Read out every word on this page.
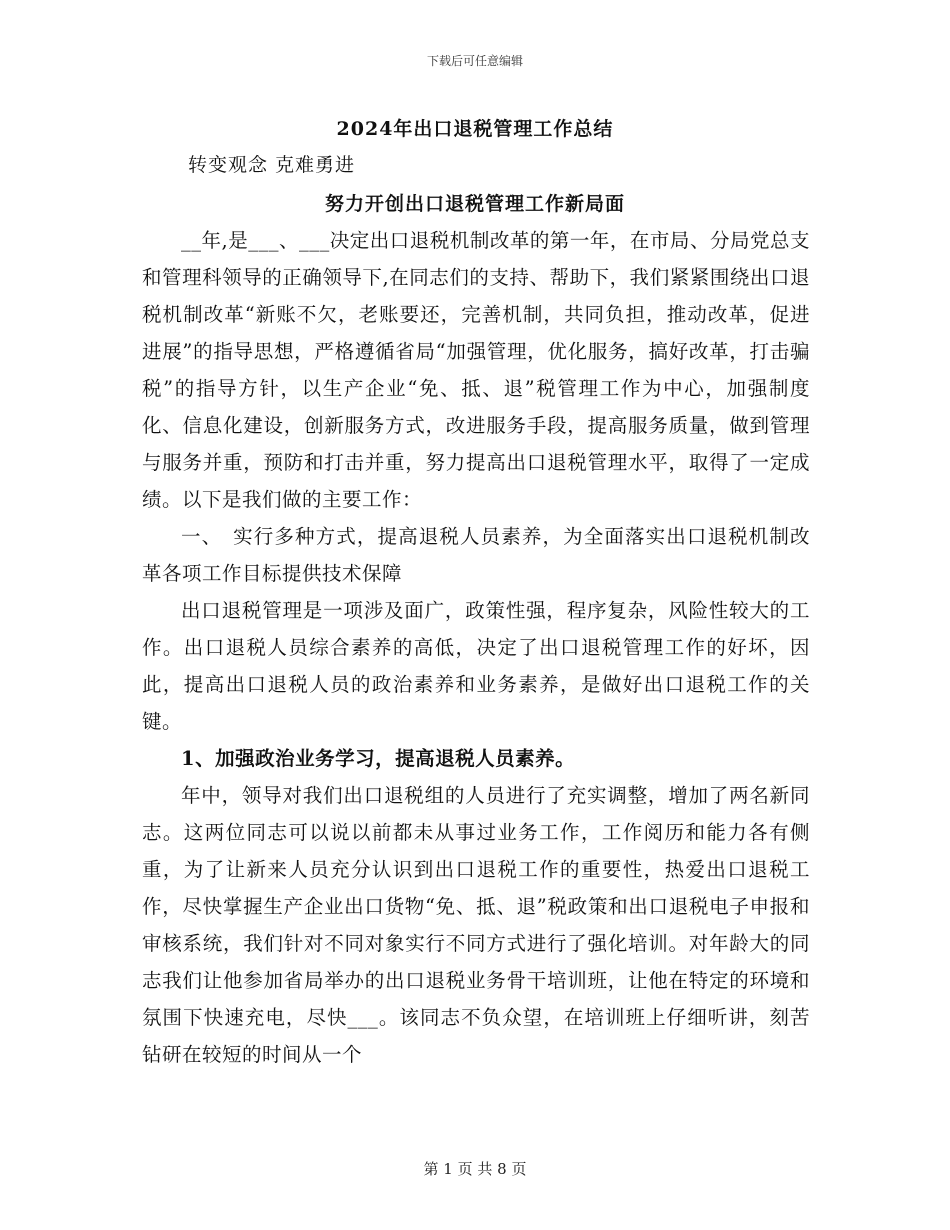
下载后可任意编辑
2024年出口退税管理工作总结
转变观念 克难勇进
努力开创出口退税管理工作新局面

__年,是___、___决定出口退税机制改革的第一年，在市局、分局党总支和管理科领导的正确领导下,在同志们的支持、帮助下，我们紧紧围绕出口退税机制改革“新账不欠，老账要还，完善机制，共同负担，推动改革，促进进展”的指导思想，严格遵循省局“加强管理，优化服务，搞好改革，打击骗税”的指导方针，以生产企业“免、抵、退”税管理工作为中心，加强制度化、信息化建设，创新服务方式，改进服务手段，提高服务质量，做到管理与服务并重，预防和打击并重，努力提高出口退税管理水平，取得了一定成绩。以下是我们做的主要工作：

一、　实行多种方式，提高退税人员素养，为全面落实出口退税机制改革各项工作目标提供技术保障

出口退税管理是一项涉及面广，政策性强，程序复杂，风险性较大的工作。出口退税人员综合素养的高低，决定了出口退税管理工作的好坏，因此，提高出口退税人员的政治素养和业务素养，是做好出口退税工作的关键。

1、加强政治业务学习，提高退税人员素养。

年中，领导对我们出口退税组的人员进行了充实调整，增加了两名新同志。这两位同志可以说以前都未从事过业务工作，工作阅历和能力各有侧重，为了让新来人员充分认识到出口退税工作的重要性，热爱出口退税工作，尽快掌握生产企业出口货物“免、抵、退”税政策和出口退税电子申报和审核系统，我们针对不同对象实行不同方式进行了强化培训。对年龄大的同志我们让他参加省局举办的出口退税业务骨干培训班，让他在特定的环境和氛围下快速充电，尽快___。该同志不负众望，在培训班上仔细听讲，刻苦钻研在较短的时间从一个

第 1 页 共 8 页
